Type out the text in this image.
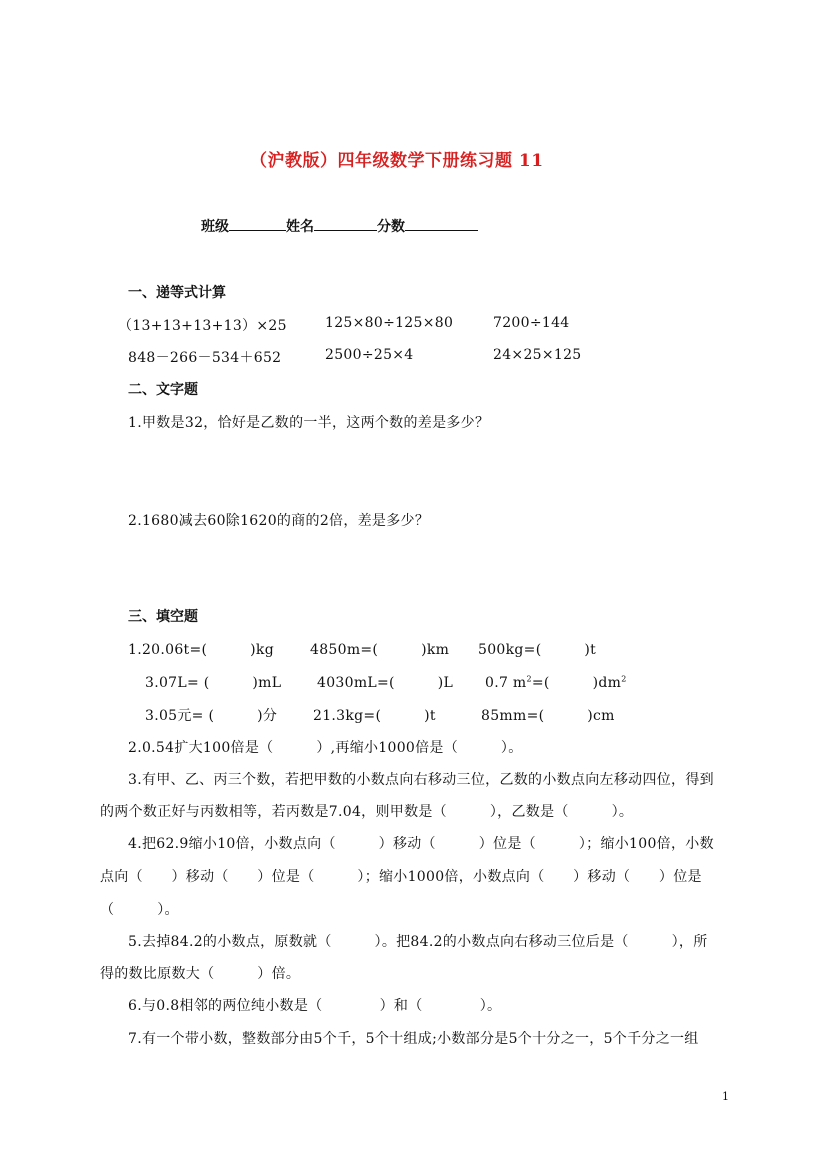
（沪教版）四年级数学下册练习题 11
班级	姓名	分数
一、递等式计算
（13+13+13+13）×25	125×80÷125×80	7200÷144
848－266－534＋652	2500÷25×4	24×25×125
二、文字题
1.甲数是32，恰好是乙数的一半，这两个数的差是多少？
2.1680减去60除1620的商的2倍，差是多少？
三、填空题
1.20.06t=(　　　)kg	4850m=(　　　)km 500kg=(　　　)t
3.07L= (　　　)mL	4030mL=(　　　)L 0.7 $m^2=$(　　　)$dm^2$
3.05元= (　　　)分	21.3kg=(　　　)t	85mm=(　　　)cm
2.0.54扩大100倍是（　　　）,再缩小1000倍是（　　　）。
3.有甲、乙、丙三个数，若把甲数的小数点向右移动三位，乙数的小数点向左移动四位，得到
的两个数正好与丙数相等，若丙数是7.04，则甲数是（　　　），乙数是（　　　）。
4.把62.9缩小10倍，小数点向（　　　）移动（　　　）位是（　　　）；缩小100倍，小数
点向（　　）移动（　　）位是（　　　）；缩小1000倍，小数点向（　　）移动（　　）位是
（　　　）。
5.去掉84.2的小数点，原数就（　　　）。把84.2的小数点向右移动三位后是（　　　），所
得的数比原数大（　　　）倍。
6.与0.8相邻的两位纯小数是（　　　　）和（　　　　）。
7.有一个带小数，整数部分由5个千，5个十组成;小数部分是5个十分之一，5个千分之一组
1
